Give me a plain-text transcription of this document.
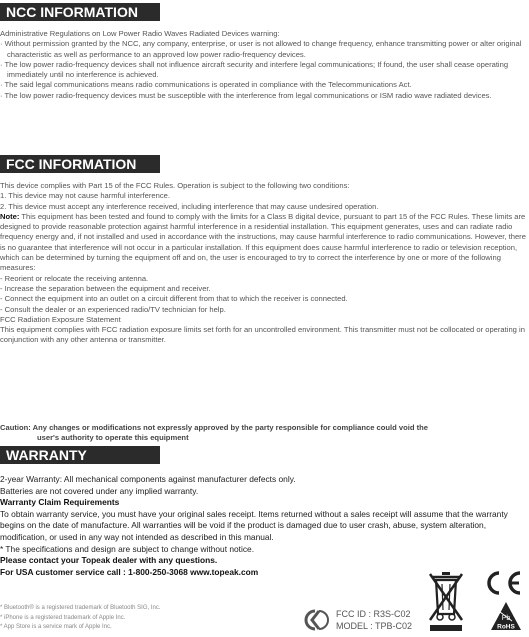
NCC INFORMATION

Administrative Regulations on Low Power Radio Waves Radiated Devices warning:

· Without permission granted by the NCC, any company, enterprise, or user is not allowed to change frequency, enhance transmitting power or alter original characteristic as well as performance to an approved low power radio-frequency devices.

· The low power radio-frequency devices shall not influence aircraft security and interfere legal communications; If found, the user shall cease operating immediately until no interference is achieved.

· The said legal communications means radio communications is operated in compliance with the Telecommunications Act.

· The low power radio-frequency devices must be susceptible with the interference from legal communications or ISM radio wave radiated devices.

FCC INFORMATION

This device complies with Part 15 of the FCC Rules. Operation is subject to the following two conditions:

1. This device may not cause harmful interference.

2. This device must accept any interference received, including interference that may cause undesired operation.

Note: This equipment has been tested and found to comply with the limits for a Class B digital device, pursuant to part 15 of the FCC Rules. These limits are designed to provide reasonable protection against harmful interference in a residential installation. This equipment generates, uses and can radiate radio frequency energy and, if not installed and used in accordance with the instructions, may cause harmful interference to radio communications. However, there is no guarantee that interference will not occur in a particular installation. If this equipment does cause harmful interference to radio or television reception, which can be determined by turning the equipment off and on, the user is encouraged to try to correct the interference by one or more of the following measures:

- Reorient or relocate the receiving antenna.

- Increase the separation between the equipment and receiver.

- Connect the equipment into an outlet on a circuit different from that to which the receiver is connected.

- Consult the dealer or an experienced radio/TV technician for help.

FCC Radiation Exposure Statement

This equipment complies with FCC radiation exposure limits set forth for an uncontrolled environment. This transmitter must not be collocated or operating in conjunction with any other antenna or transmitter.

Caution: Any changes or modifications not expressly approved by the party responsible for compliance could void the
user's authority to operate this equipment
WARRANTY

2-year Warranty: All mechanical components against manufacturer defects only.

Batteries are not covered under any implied warranty.

Warranty Claim Requirements

To obtain warranty service, you must have your original sales receipt. Items returned without a sales receipt will assume that the warranty begins on the date of manufacture. All warranties will be void if the product is damaged due to user crash, abuse, system alteration, modification, or used in any way not intended as described in this manual.

* The specifications and design are subject to change without notice.

Please contact your Topeak dealer with any questions.

For USA customer service call : 1-800-250-3068 www.topeak.com

* Bluetooth® is a registered trademark of Bluetooth SIG, Inc.

* iPhone is a registered trademark of Apple Inc.

* App Store is a service mark of Apple Inc.

FCC ID : R3S-C02
MODEL : TPB-C02
Pb
RoHS
